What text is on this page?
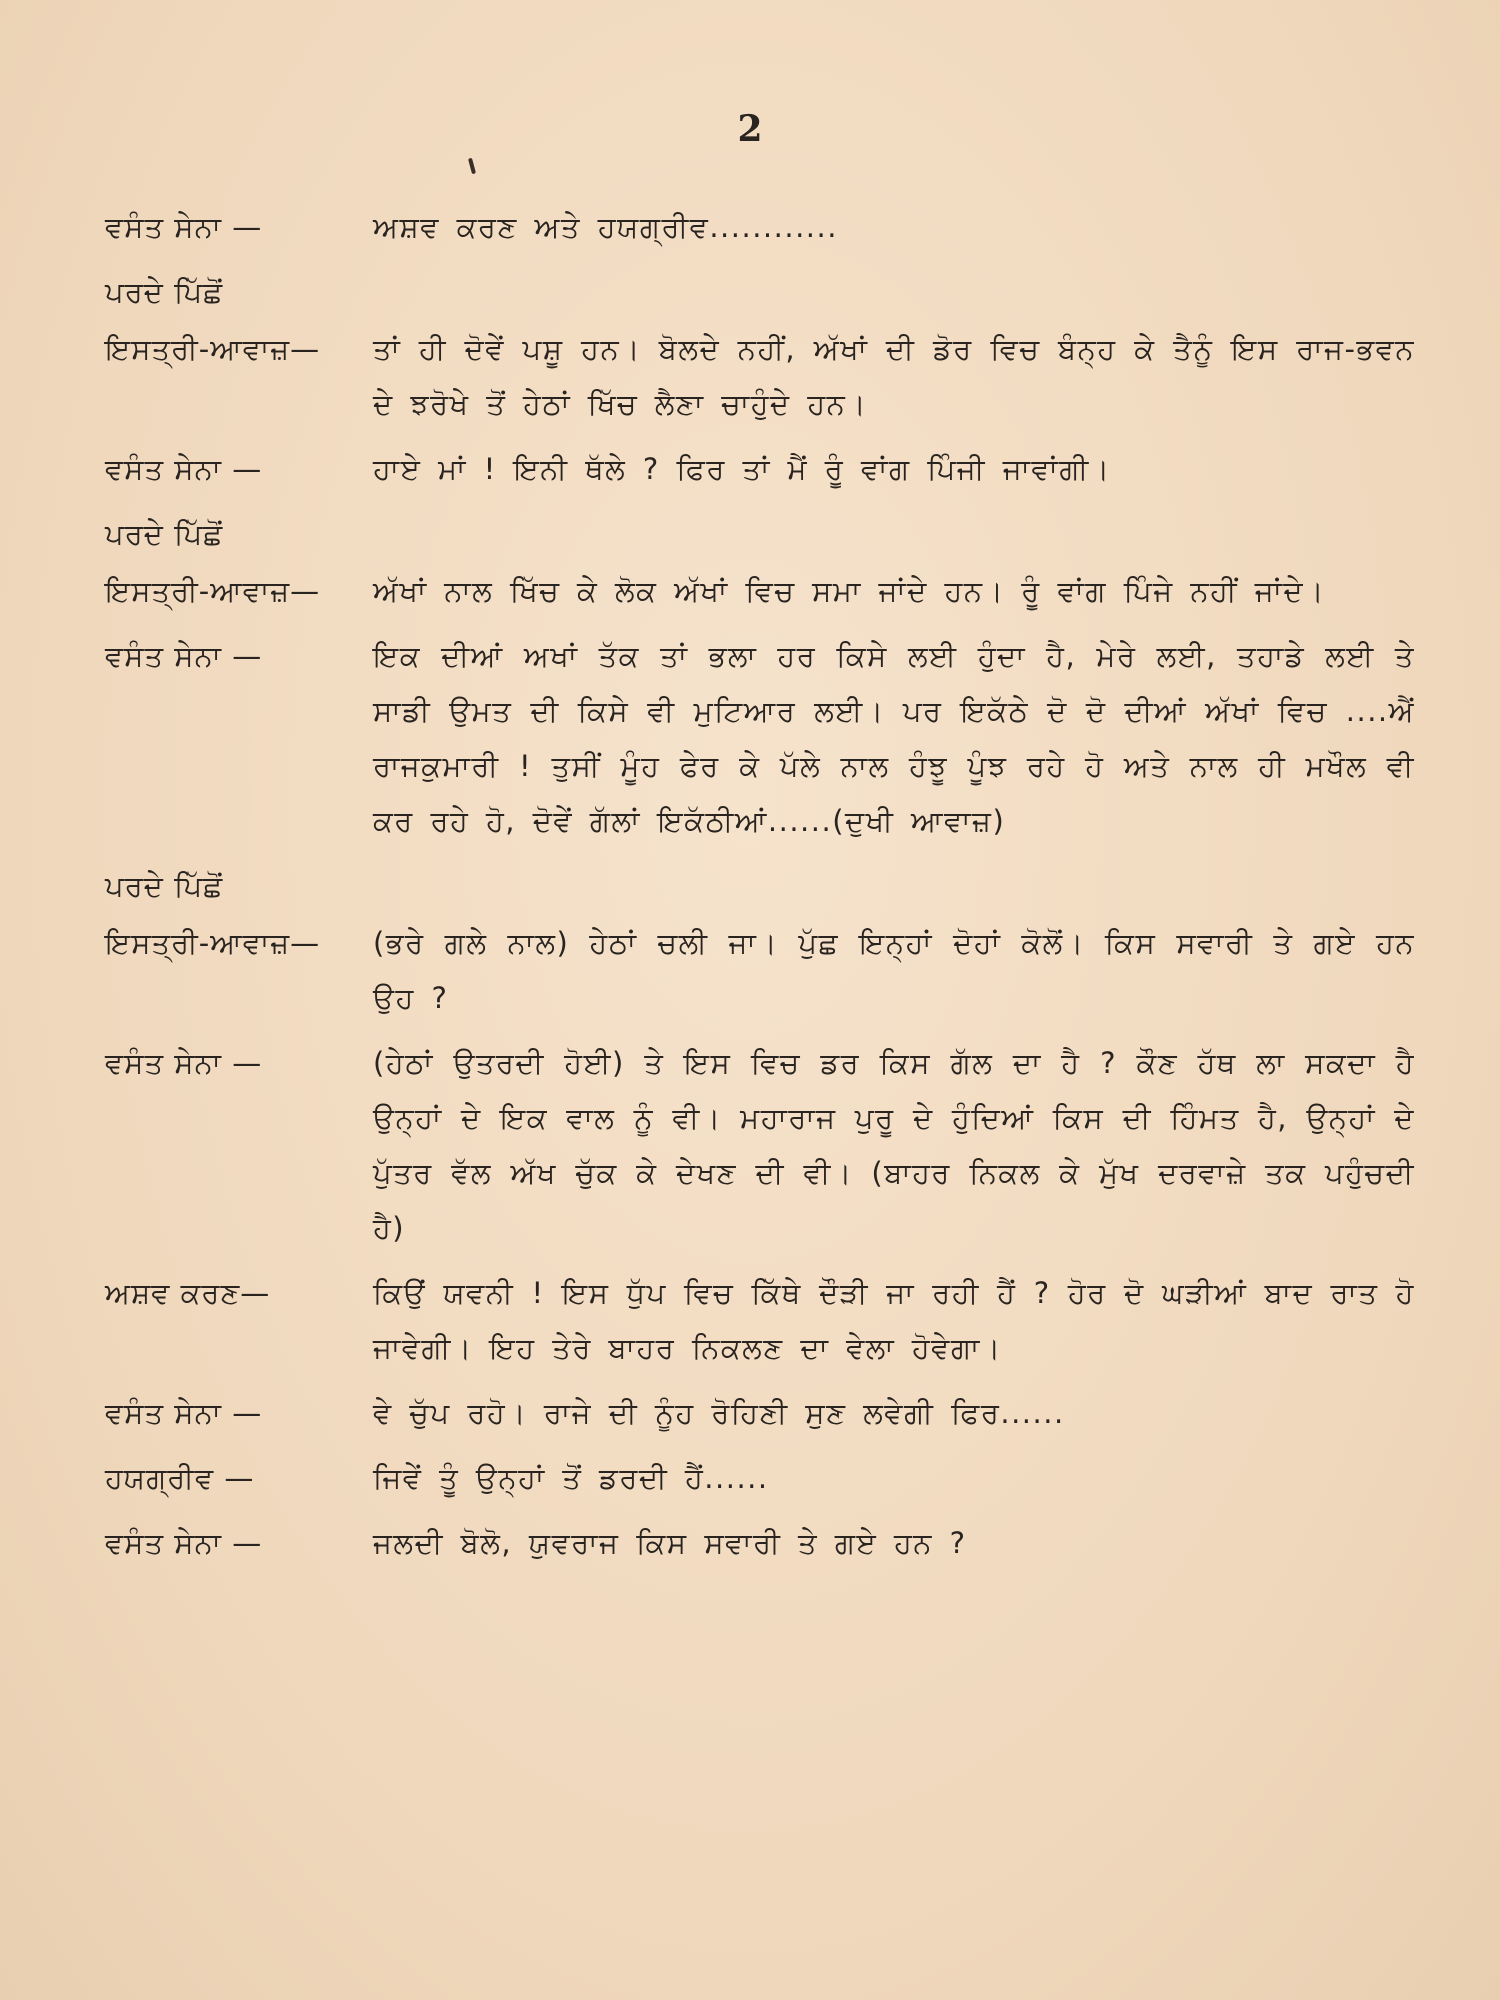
2
ਵਸੰਤ ਸੇਨਾ —	ਅਸ਼ਵ ਕਰਣ ਅਤੇ ਹਯਗ੍ਰੀਵ............
ਪਰਦੇ ਪਿੱਛੋਂ
ਇਸਤ੍ਰੀ-ਆਵਾਜ਼—	ਤਾਂ ਹੀ ਦੋਵੇਂ ਪਸ਼ੂ ਹਨ। ਬੋਲਦੇ ਨਹੀਂ, ਅੱਖਾਂ ਦੀ ਡੋਰ ਵਿਚ ਬੰਨ੍ਹ ਕੇ ਤੈਨੂੰ ਇਸ ਰਾਜ-ਭਵਨ ਦੇ ਝਰੋਖੇ ਤੋਂ ਹੇਠਾਂ ਖਿੱਚ ਲੈਣਾ ਚਾਹੁੰਦੇ ਹਨ।
ਵਸੰਤ ਸੇਨਾ —	ਹਾਏ ਮਾਂ ! ਇਨੀ ਥੱਲੇ ? ਫਿਰ ਤਾਂ ਮੈਂ ਰੂੰ ਵਾਂਗ ਪਿੰਜੀ ਜਾਵਾਂਗੀ।
ਪਰਦੇ ਪਿੱਛੋਂ
ਇਸਤ੍ਰੀ-ਆਵਾਜ਼—	ਅੱਖਾਂ ਨਾਲ ਖਿੱਚ ਕੇ ਲੋਕ ਅੱਖਾਂ ਵਿਚ ਸਮਾ ਜਾਂਦੇ ਹਨ। ਰੂੰ ਵਾਂਗ ਪਿੰਜੇ ਨਹੀਂ ਜਾਂਦੇ।
ਵਸੰਤ ਸੇਨਾ —	ਇਕ ਦੀਆਂ ਅਖਾਂ ਤੱਕ ਤਾਂ ਭਲਾ ਹਰ ਕਿਸੇ ਲਈ ਹੁੰਦਾ ਹੈ, ਮੇਰੇ ਲਈ, ਤਹਾਡੇ ਲਈ ਤੇ ਸਾਡੀ ਉਮਤ ਦੀ ਕਿਸੇ ਵੀ ਮੁਟਿਆਰ ਲਈ। ਪਰ ਇਕੱਠੇ ਦੋ ਦੋ ਦੀਆਂ ਅੱਖਾਂ ਵਿਚ ....ਐਂ ਰਾਜਕੁਮਾਰੀ ! ਤੁਸੀਂ ਮੂੰਹ ਫੇਰ ਕੇ ਪੱਲੇ ਨਾਲ ਹੰਝੂ ਪੂੰਝ ਰਹੇ ਹੋ ਅਤੇ ਨਾਲ ਹੀ ਮਖੌਲ ਵੀ ਕਰ ਰਹੇ ਹੋ, ਦੋਵੇਂ ਗੱਲਾਂ ਇਕੱਠੀਆਂ......(ਦੁਖੀ ਆਵਾਜ਼)
ਪਰਦੇ ਪਿੱਛੋਂ
ਇਸਤ੍ਰੀ-ਆਵਾਜ਼—	(ਭਰੇ ਗਲੇ ਨਾਲ) ਹੇਠਾਂ ਚਲੀ ਜਾ। ਪੁੱਛ ਇਨ੍ਹਾਂ ਦੋਹਾਂ ਕੋਲੋਂ। ਕਿਸ ਸਵਾਰੀ ਤੇ ਗਏ ਹਨ ਉਹ ?
ਵਸੰਤ ਸੇਨਾ —	(ਹੇਠਾਂ ਉਤਰਦੀ ਹੋਈ) ਤੇ ਇਸ ਵਿਚ ਡਰ ਕਿਸ ਗੱਲ ਦਾ ਹੈ ? ਕੌਣ ਹੱਥ ਲਾ ਸਕਦਾ ਹੈ ਉਨ੍ਹਾਂ ਦੇ ਇਕ ਵਾਲ ਨੂੰ ਵੀ। ਮਹਾਰਾਜ ਪੁਰੂ ਦੇ ਹੁੰਦਿਆਂ ਕਿਸ ਦੀ ਹਿੰਮਤ ਹੈ, ਉਨ੍ਹਾਂ ਦੇ ਪੁੱਤਰ ਵੱਲ ਅੱਖ ਚੁੱਕ ਕੇ ਦੇਖਣ ਦੀ ਵੀ। (ਬਾਹਰ ਨਿਕਲ ਕੇ ਮੁੱਖ ਦਰਵਾਜ਼ੇ ਤਕ ਪਹੁੰਚਦੀ ਹੈ)
ਅਸ਼ਵ ਕਰਣ—	ਕਿਉਂ ਯਵਨੀ ! ਇਸ ਧੁੱਪ ਵਿਚ ਕਿੱਥੇ ਦੌੜੀ ਜਾ ਰਹੀ ਹੈਂ ? ਹੋਰ ਦੋ ਘੜੀਆਂ ਬਾਦ ਰਾਤ ਹੋ ਜਾਵੇਗੀ। ਇਹ ਤੇਰੇ ਬਾਹਰ ਨਿਕਲਣ ਦਾ ਵੇਲਾ ਹੋਵੇਗਾ।
ਵਸੰਤ ਸੇਨਾ —	ਵੇ ਚੁੱਪ ਰਹੋ। ਰਾਜੇ ਦੀ ਨੂੰਹ ਰੋਹਿਣੀ ਸੁਣ ਲਵੇਗੀ ਫਿਰ......
ਹਯਗ੍ਰੀਵ —	ਜਿਵੇਂ ਤੂੰ ਉਨ੍ਹਾਂ ਤੋਂ ਡਰਦੀ ਹੈਂ......
ਵਸੰਤ ਸੇਨਾ —	ਜਲਦੀ ਬੋਲੋ, ਯੁਵਰਾਜ ਕਿਸ ਸਵਾਰੀ ਤੇ ਗਏ ਹਨ ?
